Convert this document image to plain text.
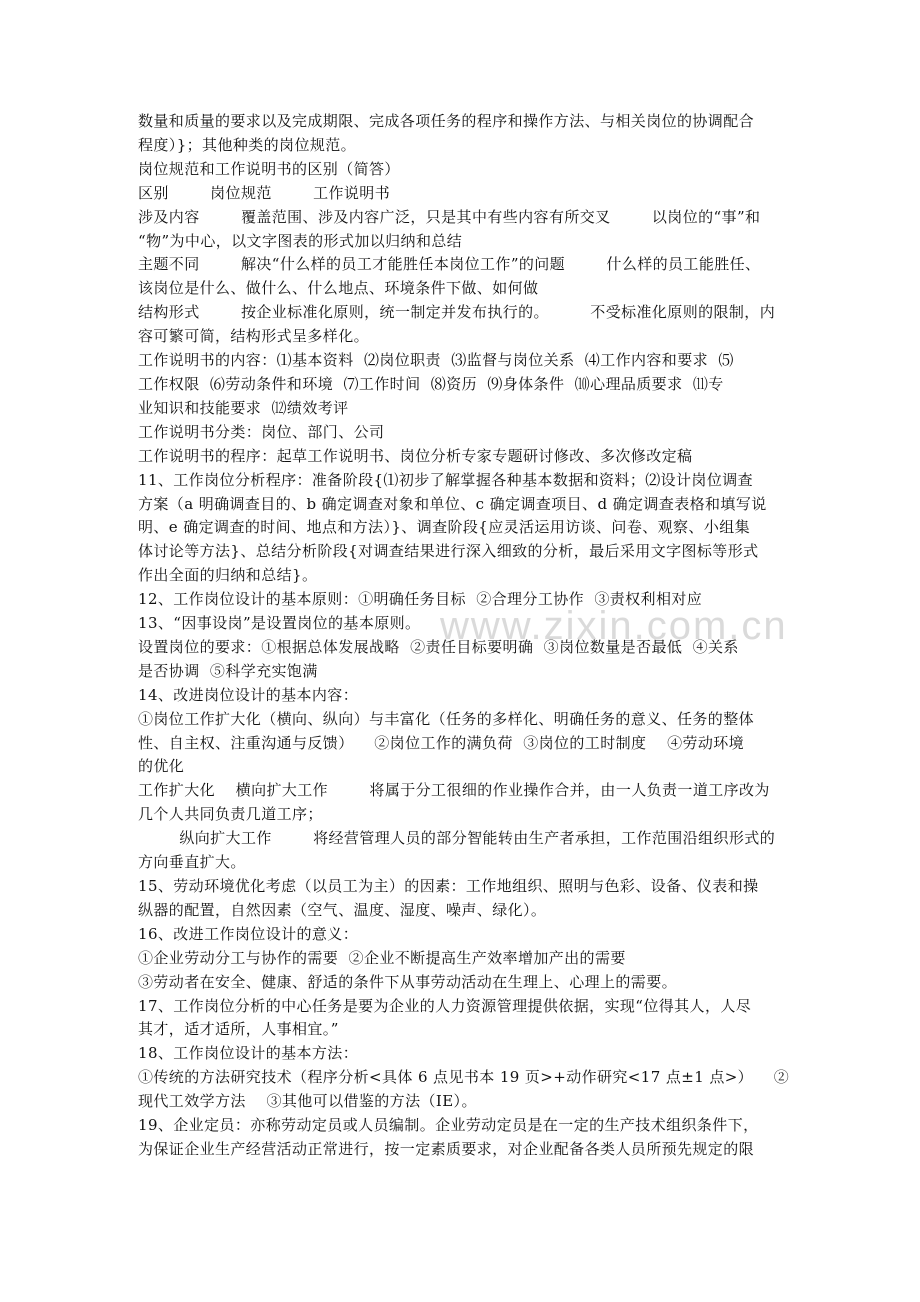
www.zixin.com.cn
数量和质量的要求以及完成期限、完成各项任务的程序和操作方法、与相关岗位的协调配合
程度）}；其他种类的岗位规范。
岗位规范和工作说明书的区别（简答）
区别        岗位规范        工作说明书
涉及内容        覆盖范围、涉及内容广泛，只是其中有些内容有所交叉        以岗位的“事”和
“物”为中心，以文字图表的形式加以归纳和总结
主题不同        解决“什么样的员工才能胜任本岗位工作”的问题        什么样的员工能胜任、
该岗位是什么、做什么、什么地点、环境条件下做、如何做
结构形式        按企业标准化原则，统一制定并发布执行的。        不受标准化原则的限制，内
容可繁可简，结构形式呈多样化。
工作说明书的内容：⑴基本资料  ⑵岗位职责  ⑶监督与岗位关系  ⑷工作内容和要求  ⑸
工作权限  ⑹劳动条件和环境  ⑺工作时间  ⑻资历  ⑼身体条件  ⑽心理品质要求  ⑾专
业知识和技能要求  ⑿绩效考评
工作说明书分类：岗位、部门、公司
工作说明书的程序：起草工作说明书、岗位分析专家专题研讨修改、多次修改定稿
11、工作岗位分析程序：准备阶段{⑴初步了解掌握各种基本数据和资料；⑵设计岗位调查
方案（a 明确调查目的、b 确定调查对象和单位、c 确定调查项目、d 确定调查表格和填写说
明、e 确定调查的时间、地点和方法）}、调查阶段{应灵活运用访谈、问卷、观察、小组集
体讨论等方法}、总结分析阶段{对调查结果进行深入细致的分析，最后采用文字图标等形式
作出全面的归纳和总结}。
12、工作岗位设计的基本原则：①明确任务目标  ②合理分工协作  ③责权利相对应
13、“因事设岗”是设置岗位的基本原则。
设置岗位的要求：①根据总体发展战略  ②责任目标要明确  ③岗位数量是否最低  ④关系
是否协调  ⑤科学充实饱满
14、改进岗位设计的基本内容：
①岗位工作扩大化（横向、纵向）与丰富化（任务的多样化、明确任务的意义、任务的整体
性、自主权、注重沟通与反馈）    ②岗位工作的满负荷  ③岗位的工时制度    ④劳动环境
的优化
工作扩大化    横向扩大工作        将属于分工很细的作业操作合并，由一人负责一道工序改为
几个人共同负责几道工序；
纵向扩大工作        将经营管理人员的部分智能转由生产者承担，工作范围沿组织形式的
方向垂直扩大。
15、劳动环境优化考虑（以员工为主）的因素：工作地组织、照明与色彩、设备、仪表和操
纵器的配置，自然因素（空气、温度、湿度、噪声、绿化）。
16、改进工作岗位设计的意义：
①企业劳动分工与协作的需要  ②企业不断提高生产效率增加产出的需要
③劳动者在安全、健康、舒适的条件下从事劳动活动在生理上、心理上的需要。
17、工作岗位分析的中心任务是要为企业的人力资源管理提供依据，实现“位得其人，人尽
其才，适才适所，人事相宜。”
18、工作岗位设计的基本方法：
①传统的方法研究技术（程序分析<具体 6 点见书本 19 页>+动作研究<17 点±1 点>）    ②
现代工效学方法    ③其他可以借鉴的方法（IE）。
19、企业定员：亦称劳动定员或人员编制。企业劳动定员是在一定的生产技术组织条件下，
为保证企业生产经营活动正常进行，按一定素质要求，对企业配备各类人员所预先规定的限
